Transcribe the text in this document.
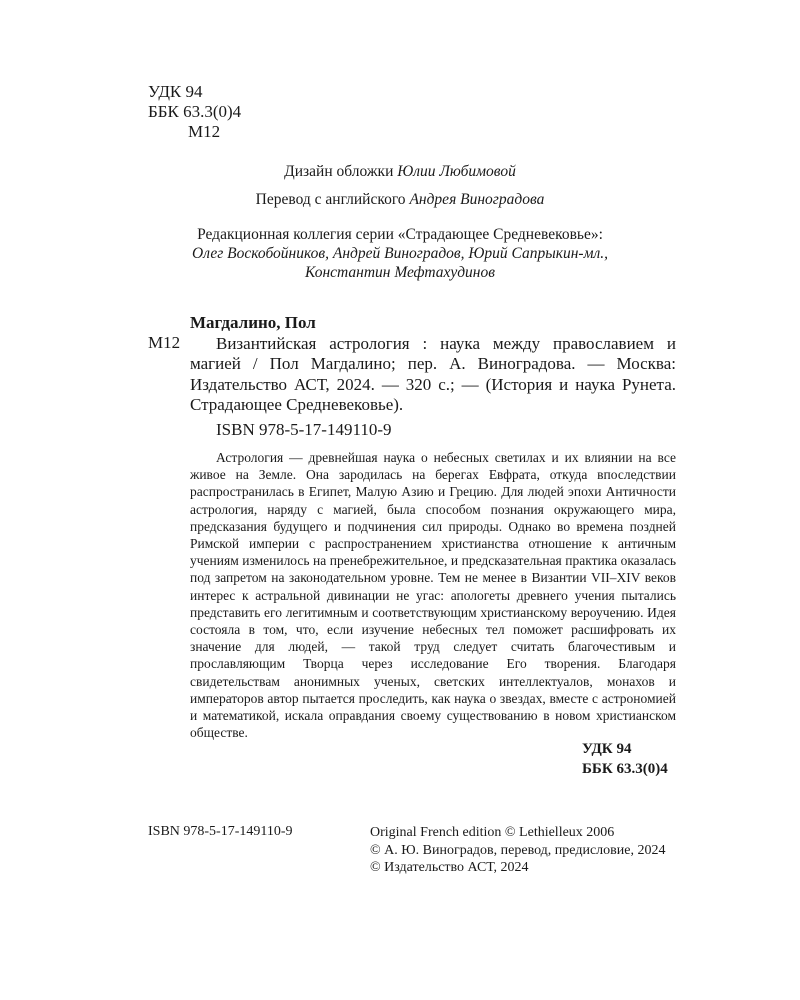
УДК 94
ББК 63.3(0)4
М12
Дизайн обложки Юлии Любимовой
Перевод с английского Андрея Виноградова
Редакционная коллегия серии «Страдающее Средневековье»:
Олег Воскобойников, Андрей Виноградов, Юрий Сапрыкин-мл.,
Константин Мефтахудинов
Магдалино, Пол
Византийская астрология : наука между православием и магией / Пол Магдалино; пер. А. Виноградова. — Москва: Издательство АСТ, 2024. — 320 с.; — (История и наука Рунета. Страдающее Средневековье).
М12
ISBN 978-5-17-149110-9
Астрология — древнейшая наука о небесных светилах и их влиянии на все живое на Земле. Она зародилась на берегах Евфрата, откуда впоследствии распространилась в Египет, Малую Азию и Грецию. Для людей эпохи Античности астрология, наряду с магией, была способом познания окружающего мира, предсказания будущего и подчинения сил природы. Однако во времена поздней Римской империи с распространением христианства отношение к античным учениям изменилось на пренебрежительное, и предсказательная практика оказалась под запретом на законодательном уровне. Тем не менее в Византии VII–XIV веков интерес к астральной дивинации не угас: апологеты древнего учения пытались представить его легитимным и соответствующим христианскому вероучению. Идея состояла в том, что, если изучение небесных тел поможет расшифровать их значение для людей, — такой труд следует считать благочестивым и прославляющим Творца через исследование Его творения. Благодаря свидетельствам анонимных ученых, светских интеллектуалов, монахов и императоров автор пытается проследить, как наука о звездах, вместе с астрономией и математикой, искала оправдания своему существованию в новом христианском обществе.
УДК 94
ББК 63.3(0)4
ISBN 978-5-17-149110-9	Original French edition © Lethielleux 2006
© А. Ю. Виноградов, перевод, предисловие, 2024
© Издательство АСТ, 2024
